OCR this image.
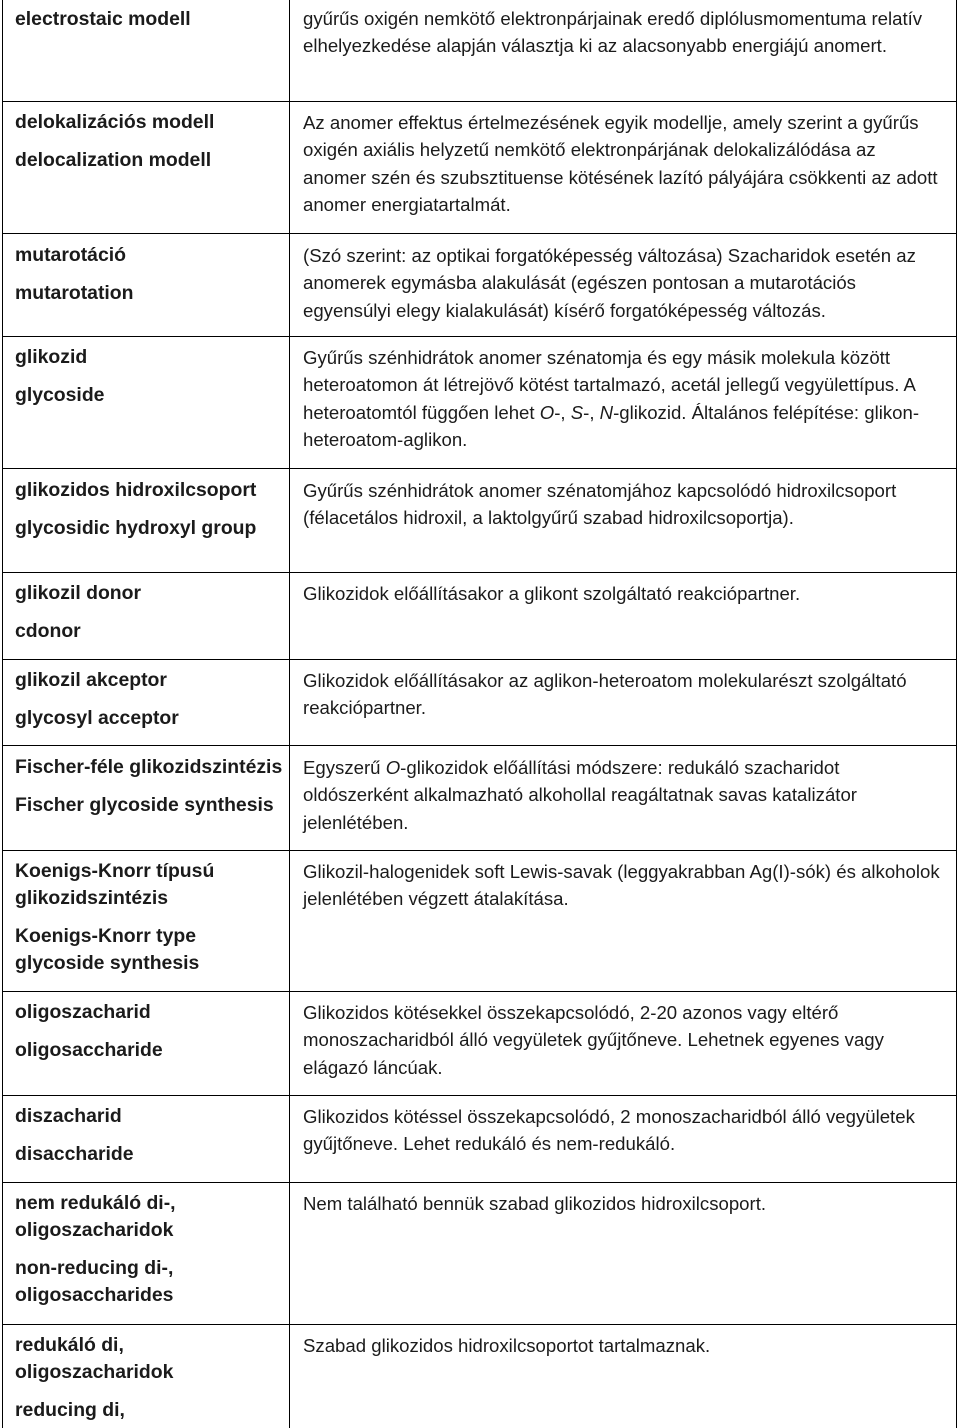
electrostaic modell	gyűrűs oxigén nemkötő elektronpárjainak eredő diplólusmomentuma relatív elhelyezkedése alapján választja ki az alacsonyabb energiájú anomert.
delokalizációs modell
delocalization modell
Az anomer effektus értelmezésének egyik modellje, amely szerint a gyűrűs oxigén axiális helyzetű nemkötő elektronpárjának delokalizálódása az anomer szén és szubsztituense kötésének lazító pályájára csökkenti az adott anomer energiatartalmát.
mutarotáció
mutarotation
(Szó szerint: az optikai forgatóképesség változása) Szacharidok esetén az anomerek egymásba alakulását (egészen pontosan a mutarotációs egyensúlyi elegy kialakulását) kísérő forgatóképesség változás.
glikozid
glycoside
Gyűrűs szénhidrátok anomer szénatomja és egy másik molekula között heteroatomon át létrejövő kötést tartalmazó, acetál jellegű vegyülettípus. A heteroatomtól függően lehet O-, S-, N-glikozid. Általános felépítése: glikon-heteroatom-aglikon.
glikozidos hidroxilcsoport
glycosidic hydroxyl group
Gyűrűs szénhidrátok anomer szénatomjához kapcsolódó hidroxilcsoport (félacetálos hidroxil, a laktolgyűrű szabad hidroxilcsoportja).
glikozil donor
cdonor
Glikozidok előállításakor a glikont szolgáltató reakciópartner.
glikozil akceptor
glycosyl acceptor
Glikozidok előállításakor az aglikon-heteroatom molekularészt szolgáltató reakciópartner.
Fischer-féle glikozidszintézis
Fischer glycoside synthesis
Egyszerű O-glikozidok előállítási módszere: redukáló szacharidot oldószerként alkalmazható alkohollal reagáltatnak savas katalizátor jelenlétében.
Koenigs-Knorr típusú glikozidszintézis
Koenigs-Knorr type glycoside synthesis
Glikozil-halogenidek soft Lewis-savak (leggyakrabban Ag(I)-sók) és alkoholok jelenlétében végzett átalakítása.
oligoszacharid
oligosaccharide
Glikozidos kötésekkel összekapcsolódó, 2-20 azonos vagy eltérő monoszacharidból álló vegyületek gyűjtőneve. Lehetnek egyenes vagy elágazó láncúak.
diszacharid
disaccharide
Glikozidos kötéssel összekapcsolódó, 2 monoszacharidból álló vegyületek gyűjtőneve. Lehet redukáló és nem-redukáló.
nem redukáló di-, oligoszacharidok
non-reducing di-, oligosaccharides
Nem található bennük szabad glikozidos hidroxilcsoport.
redukáló di, oligoszacharidok
reducing di,
Szabad glikozidos hidroxilcsoportot tartalmaznak.
